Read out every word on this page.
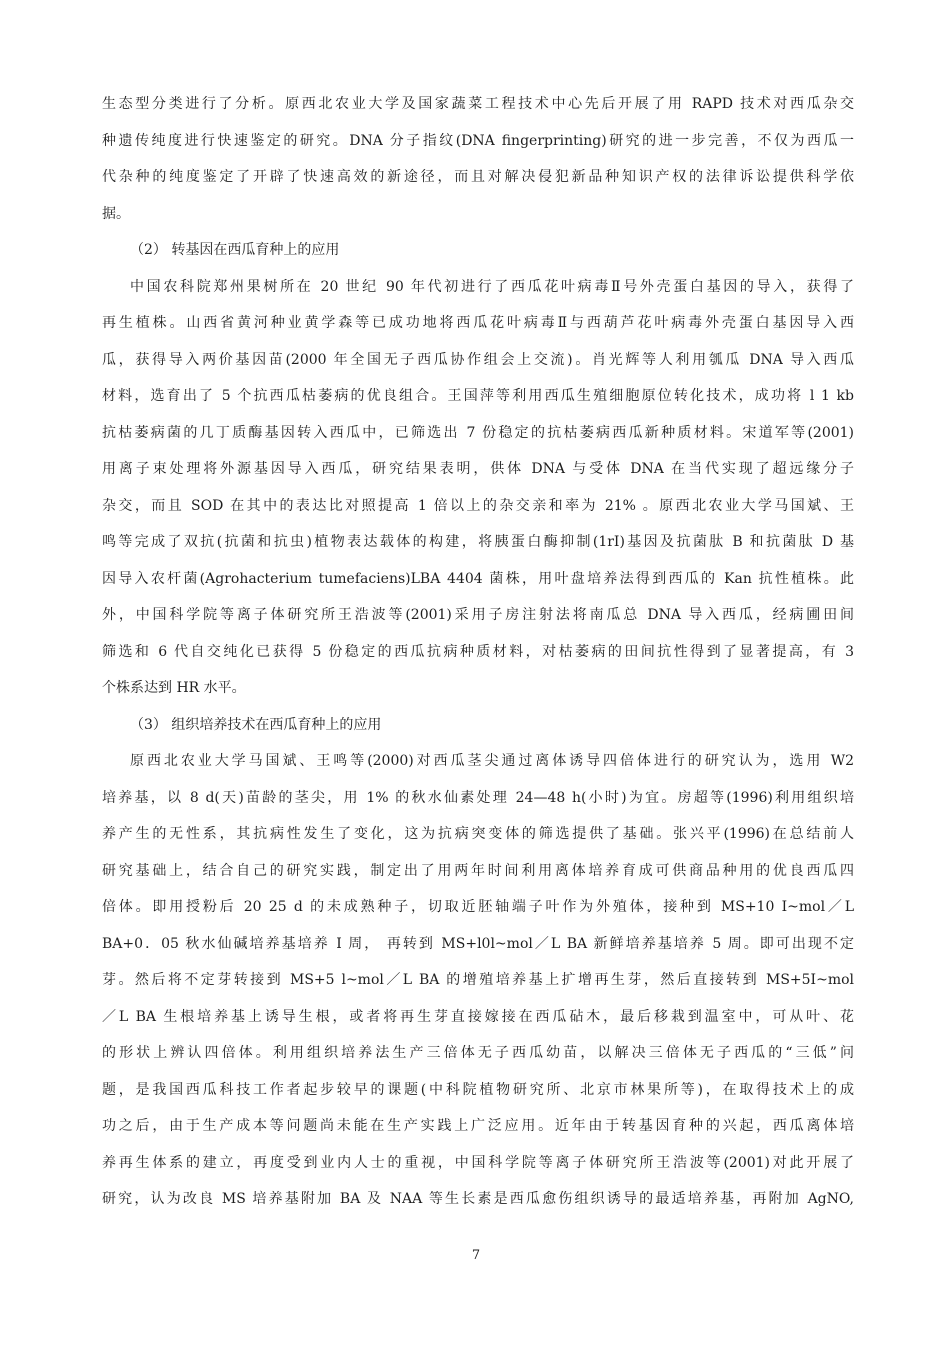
生态型分类进行了分析。原西北农业大学及国家蔬菜工程技术中心先后开展了用 RAPD 技术对西瓜杂交
种遗传纯度进行快速鉴定的研究。DNA 分子指纹(DNA fingerprinting)研究的进一步完善，不仅为西瓜一
代杂种的纯度鉴定了开辟了快速高效的新途径，而且对解决侵犯新品种知识产权的法律诉讼提供科学依
据。
（2） 转基因在西瓜育种上的应用
中国农科院郑州果树所在 20 世纪 90 年代初进行了西瓜花叶病毒Ⅱ号外壳蛋白基因的导入，获得了
再生植株。山西省黄河种业黄学森等已成功地将西瓜花叶病毒Ⅱ与西葫芦花叶病毒外壳蛋白基因导入西
瓜，获得导入两价基因苗(2000 年全国无子西瓜协作组会上交流)。肖光辉等人利用瓠瓜 DNA 导入西瓜
材料，选育出了 5 个抗西瓜枯萎病的优良组合。王国萍等利用西瓜生殖细胞原位转化技术，成功将 l 1 kb
抗枯萎病菌的几丁质酶基因转入西瓜中，已筛选出 7 份稳定的抗枯萎病西瓜新种质材料。宋道军等(2001)
用离子束处理将外源基因导入西瓜，研究结果表明，供体 DNA 与受体 DNA 在当代实现了超远缘分子
杂交，而且 SOD 在其中的表达比对照提高 1 倍以上的杂交亲和率为 21% 。原西北农业大学马国斌、王
鸣等完成了双抗(抗菌和抗虫)植物表达载体的构建，将胰蛋白酶抑制(1rI)基因及抗菌肽 B 和抗菌肽 D 基
因导入农杆菌(Agrohacterium tumefaciens)LBA 4404 菌株，用叶盘培养法得到西瓜的 Kan 抗性植株。此
外，中国科学院等离子体研究所王浩波等(2001)采用子房注射法将南瓜总 DNA 导入西瓜，经病圃田间
筛选和 6 代自交纯化已获得 5 份稳定的西瓜抗病种质材料，对枯萎病的田间抗性得到了显著提高，有 3
个株系达到 HR 水平。
（3） 组织培养技术在西瓜育种上的应用
原西北农业大学马国斌、王鸣等(2000)对西瓜茎尖通过离体诱导四倍体进行的研究认为，选用 W2
培养基，以 8 d(天)苗龄的茎尖，用 1% 的秋水仙素处理 24—48 h(小时)为宜。房超等(1996)利用组织培
养产生的无性系，其抗病性发生了变化，这为抗病突变体的筛选提供了基础。张兴平(1996)在总结前人
研究基础上，结合自己的研究实践，制定出了用两年时间利用离体培养育成可供商品种用的优良西瓜四
倍体。即用授粉后 20 25 d 的未成熟种子，切取近胚轴端子叶作为外殖体，接种到 MS+10 I~mol／L
BA+0．05 秋水仙碱培养基培养 I 周， 再转到 MS+l0l~mol／L BA 新鲜培养基培养 5 周。即可出现不定
芽。然后将不定芽转接到 MS+5 l~mol／L BA 的增殖培养基上扩增再生芽，然后直接转到 MS+5I~mol
／L BA 生根培养基上诱导生根，或者将再生芽直接嫁接在西瓜砧木，最后移栽到温室中，可从叶、花
的形状上辨认四倍体。利用组织培养法生产三倍体无子西瓜幼苗，以解决三倍体无子西瓜的“三低”问
题，是我国西瓜科技工作者起步较早的课题(中科院植物研究所、北京市林果所等)，在取得技术上的成
功之后，由于生产成本等问题尚未能在生产实践上广泛应用。近年由于转基因育种的兴起，西瓜离体培
养再生体系的建立，再度受到业内人士的重视，中国科学院等离子体研究所王浩波等(2001)对此开展了
研究，认为改良 MS 培养基附加 BA 及 NAA 等生长素是西瓜愈伤组织诱导的最适培养基，再附加 AgNO,
7
